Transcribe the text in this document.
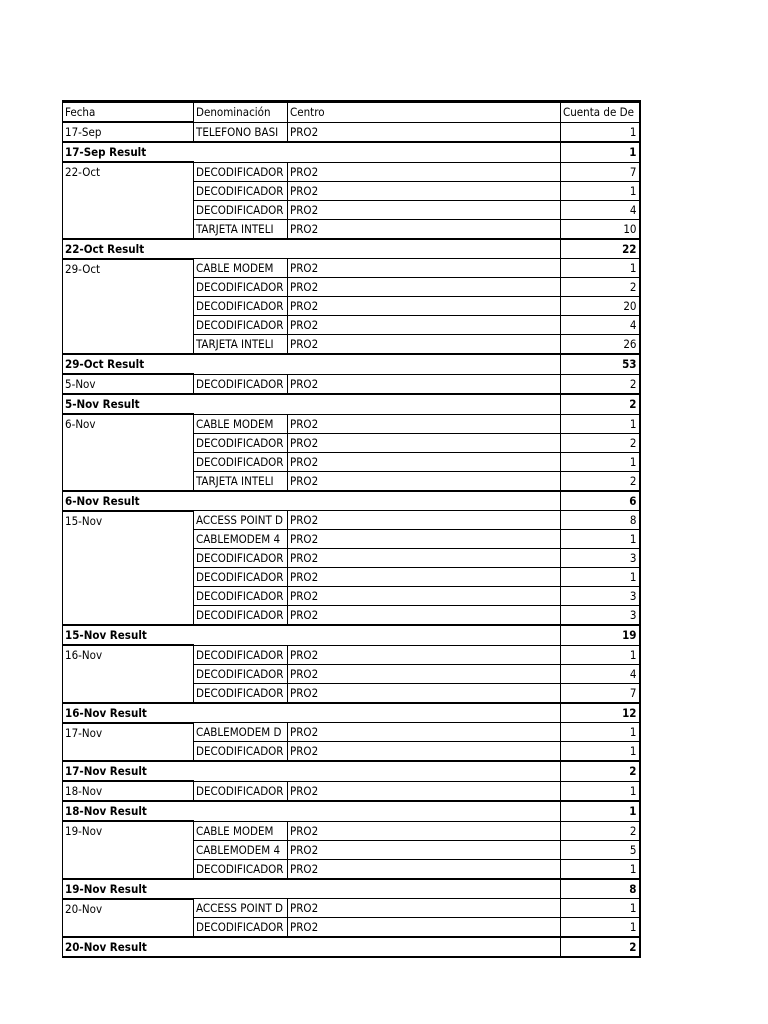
Fecha	Denominación	Centro	Cuenta de De
17-Sep	TELEFONO BASI	PRO2	1
17-Sep Result			1
22-Oct	DECODIFICADOR	PRO2	7
	DECODIFICADOR	PRO2	1
	DECODIFICADOR	PRO2	4
	TARJETA INTELI	PRO2	10
22-Oct Result			22
29-Oct	CABLE MODEM	PRO2	1
	DECODIFICADOR	PRO2	2
	DECODIFICADOR	PRO2	20
	DECODIFICADOR	PRO2	4
	TARJETA INTELI	PRO2	26
29-Oct Result			53
5-Nov	DECODIFICADOR	PRO2	2
5-Nov Result			2
6-Nov	CABLE MODEM	PRO2	1
	DECODIFICADOR	PRO2	2
	DECODIFICADOR	PRO2	1
	TARJETA INTELI	PRO2	2
6-Nov Result			6
15-Nov	ACCESS POINT D	PRO2	8
	CABLEMODEM 4	PRO2	1
	DECODIFICADOR	PRO2	3
	DECODIFICADOR	PRO2	1
	DECODIFICADOR	PRO2	3
	DECODIFICADOR	PRO2	3
15-Nov Result			19
16-Nov	DECODIFICADOR	PRO2	1
	DECODIFICADOR	PRO2	4
	DECODIFICADOR	PRO2	7
16-Nov Result			12
17-Nov	CABLEMODEM D	PRO2	1
	DECODIFICADOR	PRO2	1
17-Nov Result			2
18-Nov	DECODIFICADOR	PRO2	1
18-Nov Result			1
19-Nov	CABLE MODEM	PRO2	2
	CABLEMODEM 4	PRO2	5
	DECODIFICADOR	PRO2	1
19-Nov Result			8
20-Nov	ACCESS POINT D	PRO2	1
	DECODIFICADOR	PRO2	1
20-Nov Result			2
